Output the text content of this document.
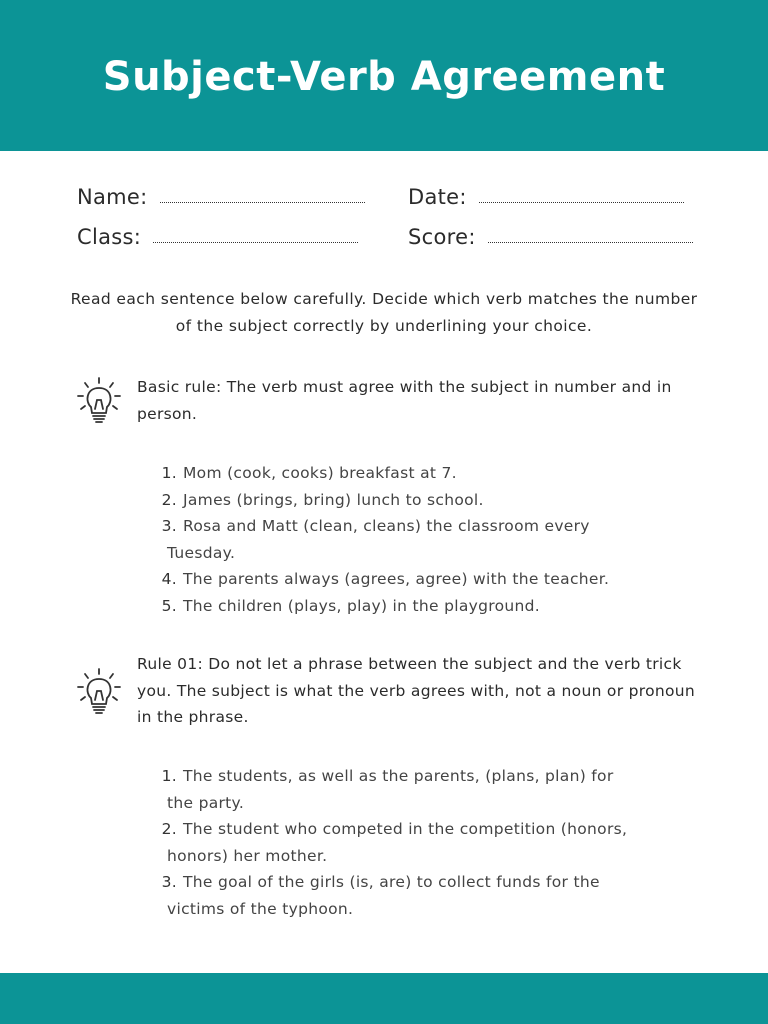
Subject-Verb Agreement
Name:	Date:
Class:	Score:
Read each sentence below carefully. Decide which verb matches the number of the subject correctly by underlining your choice.
Basic rule: The verb must agree with the subject in number and in person.
1. Mom (cook, cooks) breakfast at 7.
2. James (brings, bring) lunch to school.
3. Rosa and Matt (clean, cleans) the classroom every
Tuesday.
4. The parents always (agrees, agree) with the teacher.
5. The children (plays, play) in the playground.
Rule 01: Do not let a phrase between the subject and the verb trick you. The subject is what the verb agrees with, not a noun or pronoun in the phrase.
1. The students, as well as the parents, (plans, plan) for
the party.
2. The student who competed in the competition (honors,
honors) her mother.
3. The goal of the girls (is, are) to collect funds for the
victims of the typhoon.
